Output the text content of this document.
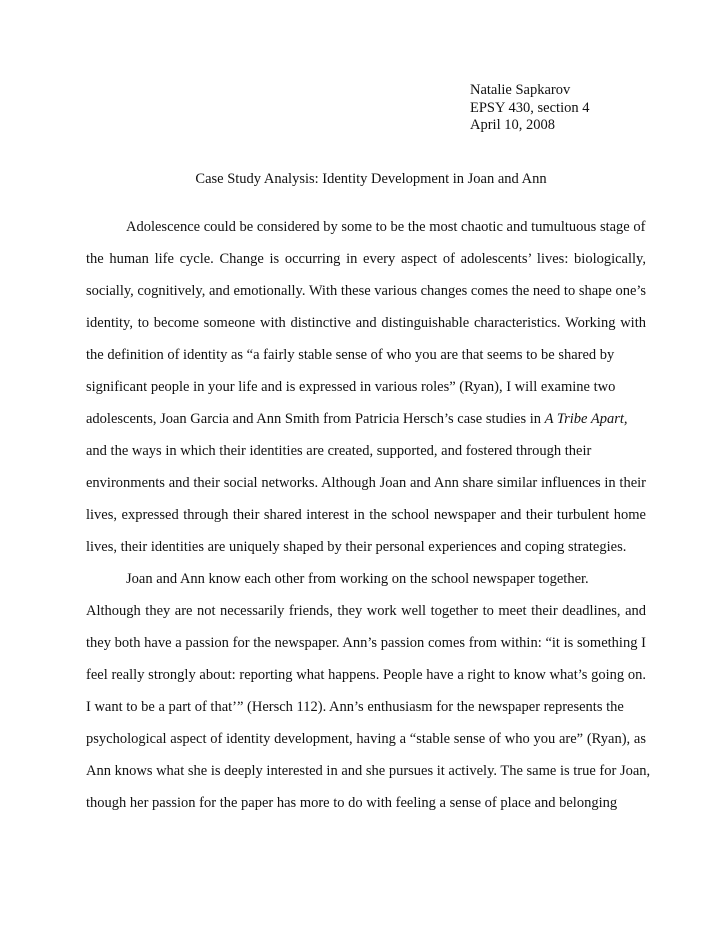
Natalie Sapkarov
EPSY 430, section 4
April 10, 2008
Case Study Analysis: Identity Development in Joan and Ann
Adolescence could be considered by some to be the most chaotic and tumultuous stage of
the human life cycle. Change is occurring in every aspect of adolescents’ lives: biologically,
socially, cognitively, and emotionally. With these various changes comes the need to shape one’s
identity, to become someone with distinctive and distinguishable characteristics. Working with
the definition of identity as “a fairly stable sense of who you are that seems to be shared by
significant people in your life and is expressed in various roles” (Ryan), I will examine two
adolescents, Joan Garcia and Ann Smith from Patricia Hersch’s case studies in A Tribe Apart,
and the ways in which their identities are created, supported, and fostered through their
environments and their social networks. Although Joan and Ann share similar influences in their
lives, expressed through their shared interest in the school newspaper and their turbulent home
lives, their identities are uniquely shaped by their personal experiences and coping strategies.
Joan and Ann know each other from working on the school newspaper together.
Although they are not necessarily friends, they work well together to meet their deadlines, and
they both have a passion for the newspaper. Ann’s passion comes from within: “it is something I
feel really strongly about: reporting what happens. People have a right to know what’s going on.
I want to be a part of that’” (Hersch 112). Ann’s enthusiasm for the newspaper represents the
psychological aspect of identity development, having a “stable sense of who you are” (Ryan), as
Ann knows what she is deeply interested in and she pursues it actively. The same is true for Joan,
though her passion for the paper has more to do with feeling a sense of place and belonging
